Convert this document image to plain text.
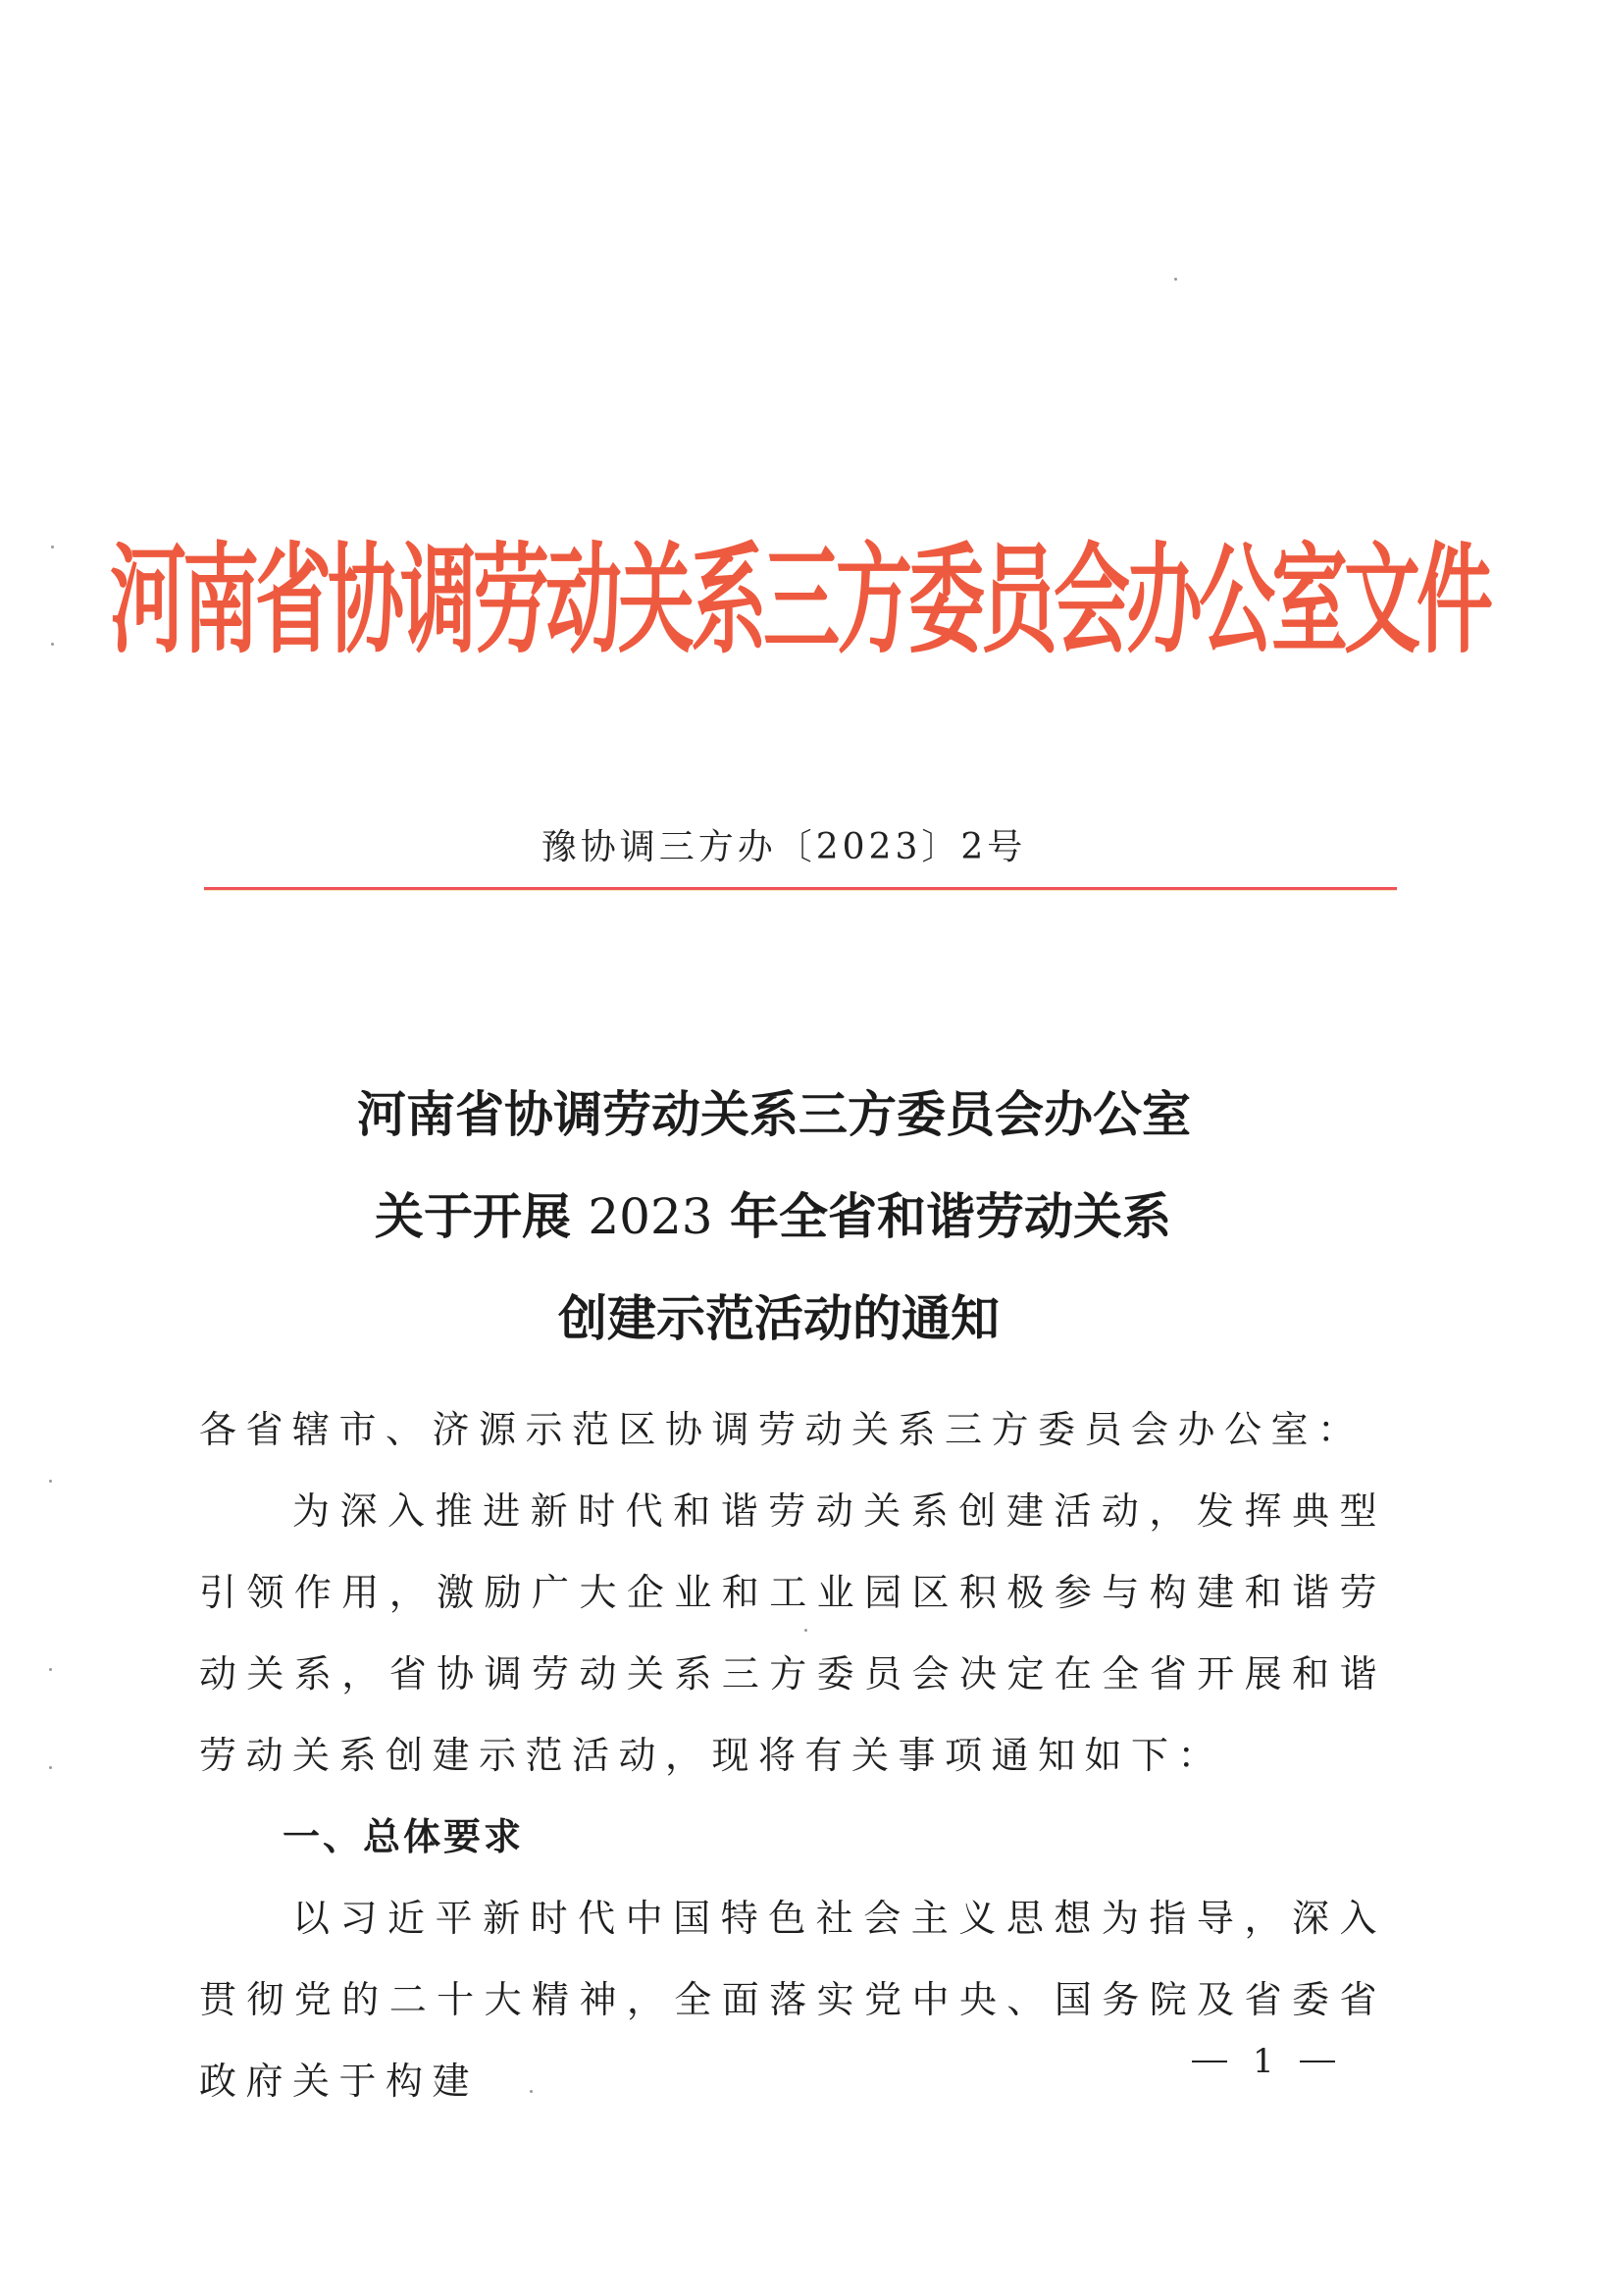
河南省协调劳动关系三方委员会办公室文件
豫协调三方办〔2023〕2号
河南省协调劳动关系三方委员会办公室
关于开展 2023 年全省和谐劳动关系
创建示范活动的通知

各省辖市、济源示范区协调劳动关系三方委员会办公室：

为深入推进新时代和谐劳动关系创建活动，发挥典型引领作用，激励广大企业和工业园区积极参与构建和谐劳动关系，省协调劳动关系三方委员会决定在全省开展和谐劳动关系创建示范活动，现将有关事项通知如下：

一、总体要求

以习近平新时代中国特色社会主义思想为指导，深入贯彻党的二十大精神，全面落实党中央、国务院及省委省政府关于构建	1
